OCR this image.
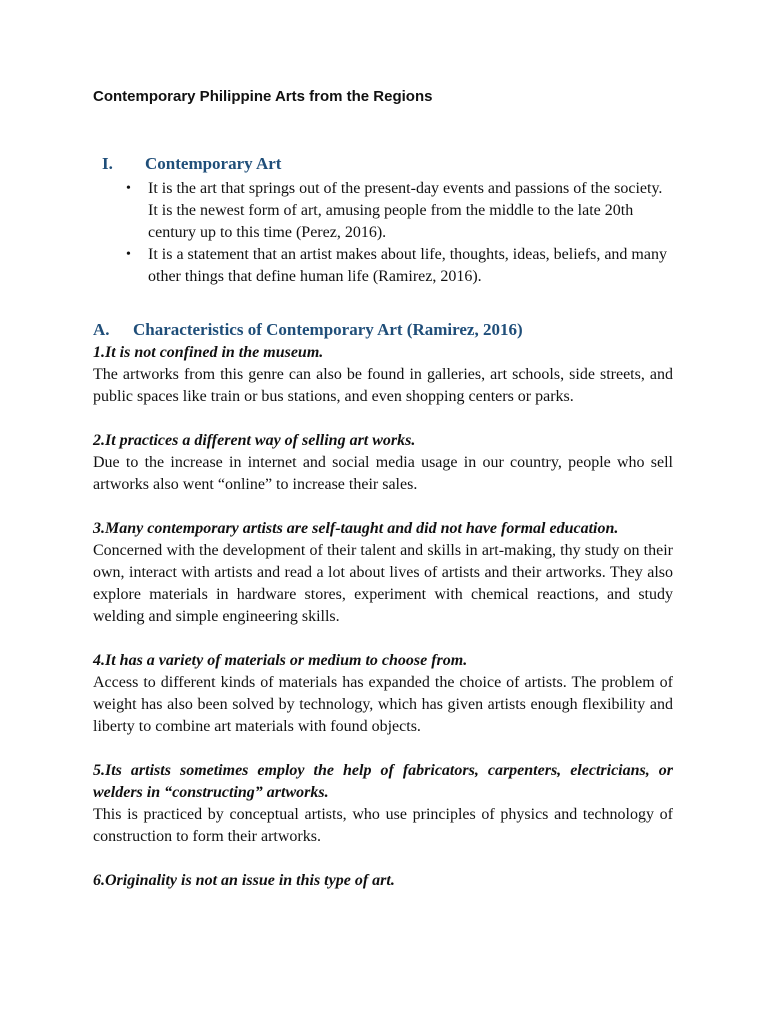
Contemporary Philippine Arts from the Regions
I. Contemporary Art
• It is the art that springs out of the present-day events and passions of the society. It is the newest form of art, amusing people from the middle to the late 20th century up to this time (Perez, 2016).
• It is a statement that an artist makes about life, thoughts, ideas, beliefs, and many other things that define human life (Ramirez, 2016).
A. Characteristics of Contemporary Art (Ramirez, 2016)

1.It is not confined in the museum.

The artworks from this genre can also be found in galleries, art schools, side streets, and public spaces like train or bus stations, and even shopping centers or parks.

2.It practices a different way of selling art works.

Due to the increase in internet and social media usage in our country, people who sell artworks also went “online” to increase their sales.

3.Many contemporary artists are self-taught and did not have formal education.

Concerned with the development of their talent and skills in art-making, thy study on their own, interact with artists and read a lot about lives of artists and their artworks. They also explore materials in hardware stores, experiment with chemical reactions, and study welding and simple engineering skills.

4.It has a variety of materials or medium to choose from.

Access to different kinds of materials has expanded the choice of artists. The problem of weight has also been solved by technology, which has given artists enough flexibility and liberty to combine art materials with found objects.

5.Its artists sometimes employ the help of fabricators, carpenters, electricians, or welders in “constructing” artworks.

This is practiced by conceptual artists, who use principles of physics and technology of construction to form their artworks.

6.Originality is not an issue in this type of art.
